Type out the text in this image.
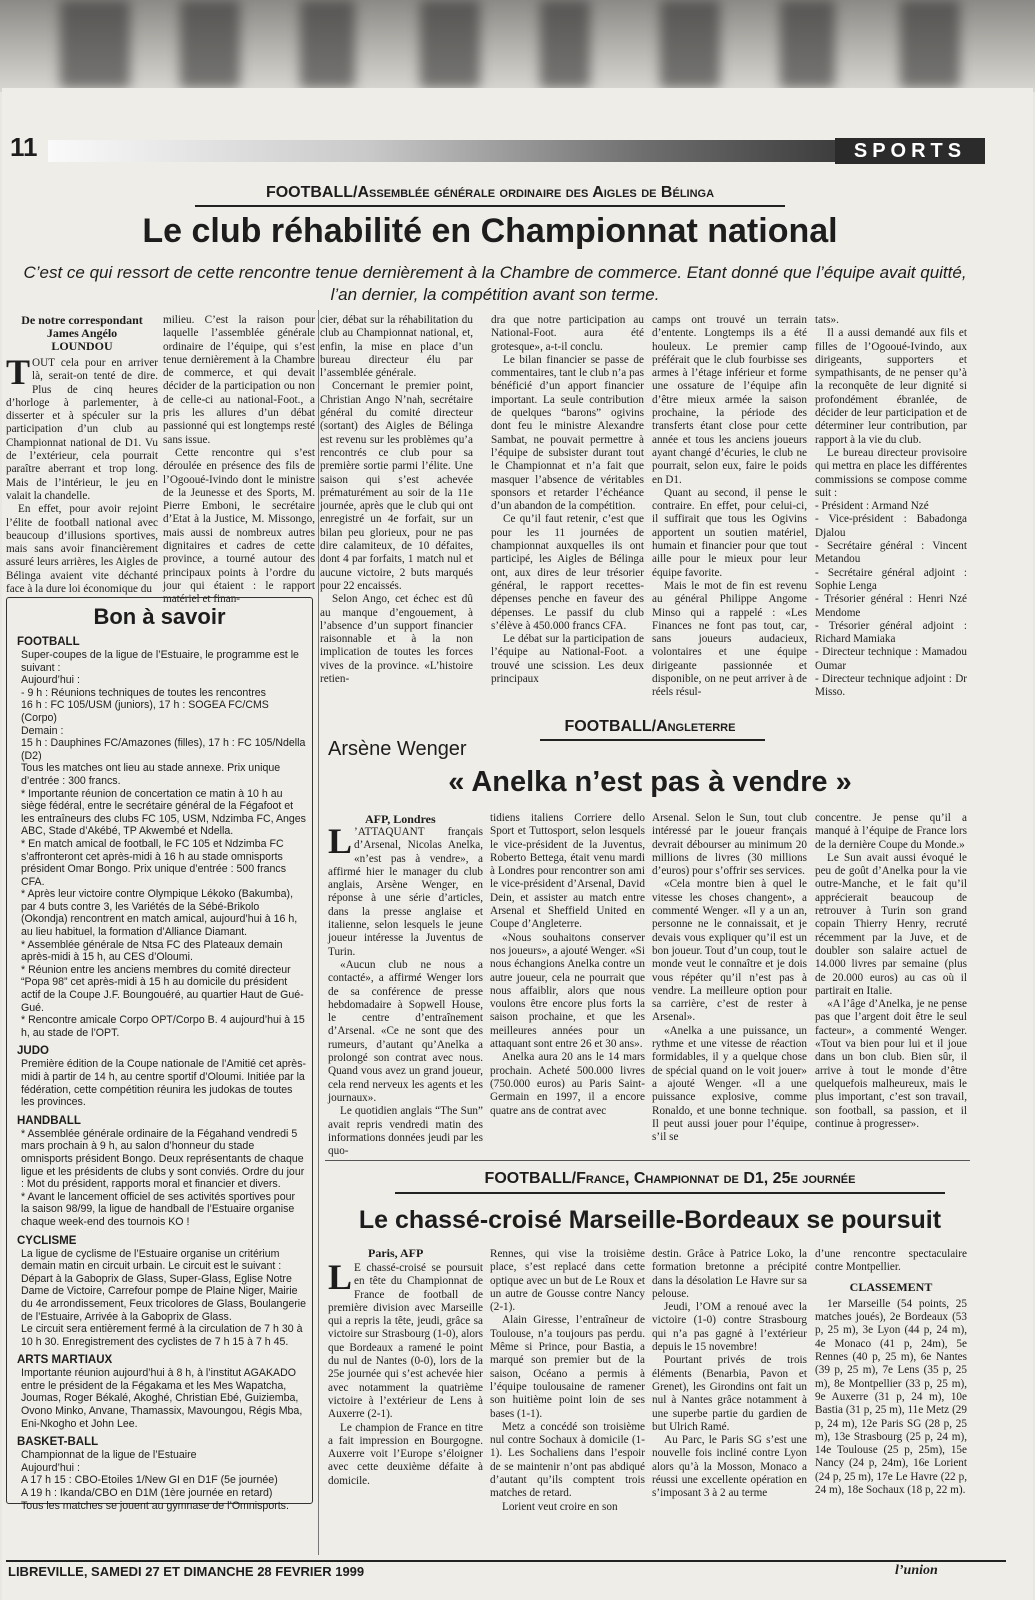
11	SPORTS
FOOTBALL/Assemblée générale ordinaire des Aigles de Bélinga
Le club réhabilité en Championnat national
C’est ce qui ressort de cette rencontre tenue dernièrement à la Chambre de commerce. Etant donné que l’équipe avait quitté, l’an dernier, la compétition avant son terme.
De notre correspondant
James Angélo
LOUNDOU

TOUT cela pour en arriver là, serait-on tenté de dire. Plus de cinq heures d’horloge à parlementer, à disserter et à spéculer sur la participation d’un club au Championnat national de D1. Vu de l’extérieur, cela pourrait paraître aberrant et trop long. Mais de l’intérieur, le jeu en valait la chandelle.

En effet, pour avoir rejoint l’élite de football national avec beaucoup d’illusions sportives, mais sans avoir financièrement assuré leurs arrières, les Aigles de Bélinga avaient vite déchanté face à la dure loi économique du

milieu. C’est la raison pour laquelle l’assemblée générale ordinaire de l’équipe, qui s’est tenue dernièrement à la Chambre de commerce, et qui devait décider de la participation ou non de celle-ci au national-Foot., a pris les allures d’un débat passionné qui est longtemps resté sans issue.

Cette rencontre qui s’est déroulée en présence des fils de l’Ogooué-Ivindo dont le ministre de la Jeunesse et des Sports, M. Pierre Emboni, le secrétaire d’Etat à la Justice, M. Missongo, mais aussi de nombreux autres dignitaires et cadres de cette province, a tourné autour des principaux points à l’ordre du jour qui étaient : le rapport matériel et finan-

cier, débat sur la réhabilitation du club au Championnat national, et, enfin, la mise en place d’un bureau directeur élu par l’assemblée générale.

Concernant le premier point, Christian Ango N’nah, secrétaire général du comité directeur (sortant) des Aigles de Bélinga est revenu sur les problèmes qu’a rencontrés ce club pour sa première sortie parmi l’élite. Une saison qui s’est achevée prématurément au soir de la 11e journée, après que le club qui ont enregistré un 4e forfait, sur un bilan peu glorieux, pour ne pas dire calamiteux, de 10 défaites, dont 4 par forfaits, 1 match nul et aucune victoire, 2 buts marqués pour 22 encaissés.

Selon Ango, cet échec est dû au manque d’engouement, à l’absence d’un support financier raisonnable et à la non implication de toutes les forces vives de la province. «L’histoire retien-

dra que notre participation au National-Foot. aura été grotesque», a-t-il conclu.

Le bilan financier se passe de commentaires, tant le club n’a pas bénéficié d’un apport financier important. La seule contribution de quelques “barons” ogivins dont feu le ministre Alexandre Sambat, ne pouvait permettre à l’équipe de subsister durant tout le Championnat et n’a fait que masquer l’absence de véritables sponsors et retarder l’échéance d’un abandon de la compétition.

Ce qu’il faut retenir, c’est que pour les 11 journées de championnat auxquelles ils ont participé, les Aigles de Bélinga ont, aux dires de leur trésorier général, le rapport recettes-dépenses penche en faveur des dépenses. Le passif du club s’élève à 450.000 francs CFA.

Le débat sur la participation de l’équipe au National-Foot. a trouvé une scission. Les deux principaux

camps ont trouvé un terrain d’entente. Longtemps ils a été houleux. Le premier camp préférait que le club fourbisse ses armes à l’étage inférieur et forme une ossature de l’équipe afin d’être mieux armée la saison prochaine, la période des transferts étant close pour cette année et tous les anciens joueurs ayant changé d’écuries, le club ne pourrait, selon eux, faire le poids en D1.

Quant au second, il pense le contraire. En effet, pour celui-ci, il suffirait que tous les Ogivins apportent un soutien matériel, humain et financier pour que tout aille pour le mieux pour leur équipe favorite.

Mais le mot de fin est revenu au général Philippe Angome Minso qui a rappelé : «Les Finances ne font pas tout, car, sans joueurs audacieux, volontaires et une équipe dirigeante passionnée et disponible, on ne peut arriver à de réels résul-

tats».

Il a aussi demandé aux fils et filles de l’Ogooué-Ivindo, aux dirigeants, supporters et sympathisants, de ne penser qu’à la reconquête de leur dignité si profondément ébranlée, de décider de leur participation et de déterminer leur contribution, par rapport à la vie du club.

Le bureau directeur provisoire qui mettra en place les différentes commissions se compose comme suit :

- Président : Armand Nzé

- Vice-président : Babadonga Djalou

- Secrétaire général : Vincent Metandou

- Secrétaire général adjoint : Sophie Lenga

- Trésorier général : Henri Nzé Mendome

- Trésorier général adjoint : Richard Mamiaka

- Directeur technique : Mamadou Oumar

- Directeur technique adjoint : Dr Misso.

Bon à savoir
FOOTBALL
Super-coupes de la ligue de l’Estuaire, le programme est le suivant :
Aujourd’hui :
- 9 h : Réunions techniques de toutes les rencontres
16 h : FC 105/USM (juniors), 17 h : SOGEA FC/CMS (Corpo)
Demain :
15 h : Dauphines FC/Amazones (filles), 17 h : FC 105/Ndella (D2)
Tous les matches ont lieu au stade annexe. Prix unique d’entrée : 300 francs.
* Importante réunion de concertation ce matin à 10 h au siège fédéral, entre le secrétaire général de la Fégafoot et les entraîneurs des clubs FC 105, USM, Ndzimba FC, Anges ABC, Stade d’Akébé, TP Akwembé et Ndella.
* En match amical de football, le FC 105 et Ndzimba FC s’affronteront cet après-midi à 16 h au stade omnisports président Omar Bongo. Prix unique d’entrée : 500 francs CFA.
* Après leur victoire contre Olympique Lékoko (Bakumba), par 4 buts contre 3, les Variétés de la Sébé-Brikolo (Okondja) rencontrent en match amical, aujourd’hui à 16 h, au lieu habituel, la formation d’Alliance Diamant.
* Assemblée générale de Ntsa FC des Plateaux demain après-midi à 15 h, au CES d’Oloumi.
* Réunion entre les anciens membres du comité directeur “Popa 98” cet après-midi à 15 h au domicile du président actif de la Coupe J.F. Boungouéré, au quartier Haut de Gué-Gué.
* Rencontre amicale Corpo OPT/Corpo B. 4 aujourd’hui à 15 h, au stade de l’OPT.
JUDO
Première édition de la Coupe nationale de l’Amitié cet après-midi à partir de 14 h, au centre sportif d’Oloumi. Initiée par la fédération, cette compétition réunira les judokas de toutes les provinces.
HANDBALL
* Assemblée générale ordinaire de la Fégahand vendredi 5 mars prochain à 9 h, au salon d’honneur du stade omnisports président Bongo. Deux représentants de chaque ligue et les présidents de clubs y sont conviés. Ordre du jour : Mot du président, rapports moral et financier et divers.
* Avant le lancement officiel de ses activités sportives pour la saison 98/99, la ligue de handball de l’Estuaire organise chaque week-end des tournois KO !
CYCLISME
La ligue de cyclisme de l’Estuaire organise un critérium demain matin en circuit urbain. Le circuit est le suivant :
Départ à la Gaboprix de Glass, Super-Glass, Eglise Notre Dame de Victoire, Carrefour pompe de Plaine Niger, Mairie du 4e arrondissement, Feux tricolores de Glass, Boulangerie de l’Estuaire, Arrivée à la Gaboprix de Glass.
Le circuit sera entièrement fermé à la circulation de 7 h 30 à 10 h 30. Enregistrement des cyclistes de 7 h 15 à 7 h 45.
ARTS MARTIAUX
Importante réunion aujourd’hui à 8 h, à l’institut AGAKADO entre le président de la Fégakama et les Mes Wapatcha, Joumas, Roger Békalé, Akoghé, Christian Ebé, Guiziemba, Ovono Minko, Anvane, Thamassix, Mavoungou, Régis Mba, Eni-Nkogho et John Lee.
BASKET-BALL
Championnat de la ligue de l’Estuaire
Aujourd’hui :
A 17 h 15 : CBO-Etoiles 1/New GI en D1F (5e journée)
A 19 h : Ikanda/CBO en D1M (1ère journée en retard)
Tous les matches se jouent au gymnase de l’Omnisports.
FOOTBALL/Angleterre
Arsène Wenger
« Anelka n’est pas à vendre »
AFP, Londres

L ’ATTAQUANT français d’Arsenal, Nicolas Anelka, «n’est pas à vendre», a affirmé hier le manager du club anglais, Arsène Wenger, en réponse à une série d’articles, dans la presse anglaise et italienne, selon lesquels le jeune joueur intéresse la Juventus de Turin.

«Aucun club ne nous a contacté», a affirmé Wenger lors de sa conférence de presse hebdomadaire à Sopwell House, le centre d’entraînement d’Arsenal. «Ce ne sont que des rumeurs, d’autant qu’Anelka a prolongé son contrat avec nous. Quand vous avez un grand joueur, cela rend nerveux les agents et les journaux».

Le quotidien anglais “The Sun” avait repris vendredi matin des informations données jeudi par les quo-

tidiens italiens Corriere dello Sport et Tuttosport, selon lesquels le vice-président de la Juventus, Roberto Bettega, était venu mardi à Londres pour rencontrer son ami le vice-président d’Arsenal, David Dein, et assister au match entre Arsenal et Sheffield United en Coupe d’Angleterre.

«Nous souhaitons conserver nos joueurs», a ajouté Wenger. «Si nous échangions Anelka contre un autre joueur, cela ne pourrait que nous affaiblir, alors que nous voulons être encore plus forts la saison prochaine, et que les meilleures années pour un attaquant sont entre 26 et 30 ans».

Anelka aura 20 ans le 14 mars prochain. Acheté 500.000 livres (750.000 euros) au Paris Saint-Germain en 1997, il a encore quatre ans de contrat avec

Arsenal. Selon le Sun, tout club intéressé par le joueur français devrait débourser au minimum 20 millions de livres (30 millions d’euros) pour s’offrir ses services.

«Cela montre bien à quel le vitesse les choses changent», a commenté Wenger. «Il y a un an, personne ne le connaissait, et je devais vous expliquer qu’il est un bon joueur. Tout d’un coup, tout le monde veut le connaître et je dois vous répéter qu’il n’est pas à vendre. La meilleure option pour sa carrière, c’est de rester à Arsenal».

«Anelka a une puissance, un rythme et une vitesse de réaction formidables, il y a quelque chose de spécial quand on le voit jouer» a ajouté Wenger. «Il a une puissance explosive, comme Ronaldo, et une bonne technique. Il peut aussi jouer pour l’équipe, s’il se

concentre. Je pense qu’il a manqué à l’équipe de France lors de la dernière Coupe du Monde.»

Le Sun avait aussi évoqué le peu de goût d’Anelka pour la vie outre-Manche, et le fait qu’il apprécierait beaucoup de retrouver à Turin son grand copain Thierry Henry, recruté récemment par la Juve, et de doubler son salaire actuel de 14.000 livres par semaine (plus de 20.000 euros) au cas où il partirait en Italie.

«A l’âge d’Anelka, je ne pense pas que l’argent doit être le seul facteur», a commenté Wenger. «Tout va bien pour lui et il joue dans un bon club. Bien sûr, il arrive à tout le monde d’être quelquefois malheureux, mais le plus important, c’est son travail, son football, sa passion, et il continue à progresser».

FOOTBALL/France, Championnat de D1, 25e journée
Le chassé-croisé Marseille-Bordeaux se poursuit
Paris, AFP

L E chassé-croisé se poursuit en tête du Championnat de France de football de première division avec Marseille qui a repris la tête, jeudi, grâce sa victoire sur Strasbourg (1-0), alors que Bordeaux a ramené le point du nul de Nantes (0-0), lors de la 25e journée qui s’est achevée hier avec notamment la quatrième victoire à l’extérieur de Lens à Auxerre (2-1).

Le champion de France en titre a fait impression en Bourgogne. Auxerre voit l’Europe s’éloigner avec cette deuxième défaite à domicile.

Rennes, qui vise la troisième place, s’est replacé dans cette optique avec un but de Le Roux et un autre de Gousse contre Nancy (2-1).

Alain Giresse, l’entraîneur de Toulouse, n’a toujours pas perdu. Même si Prince, pour Bastia, a marqué son premier but de la saison, Océano a permis à l’équipe toulousaine de ramener son huitième point loin de ses bases (1-1).

Metz a concédé son troisième nul contre Sochaux à domicile (1-1). Les Sochaliens dans l’espoir de se maintenir n’ont pas abdiqué d’autant qu’ils comptent trois matches de retard.

Lorient veut croire en son

destin. Grâce à Patrice Loko, la formation bretonne a précipité dans la désolation Le Havre sur sa pelouse.

Jeudi, l’OM a renoué avec la victoire (1-0) contre Strasbourg qui n’a pas gagné à l’extérieur depuis le 15 novembre!

Pourtant privés de trois éléments (Benarbia, Pavon et Grenet), les Girondins ont fait un nul à Nantes grâce notamment à une superbe partie du gardien de but Ulrich Ramé.

Au Parc, le Paris SG s’est une nouvelle fois incliné contre Lyon alors qu’à la Mosson, Monaco a réussi une excellente opération en s’imposant 3 à 2 au terme

d’une rencontre spectaculaire contre Montpellier.

CLASSEMENT

1er Marseille (54 points, 25 matches joués), 2e Bordeaux (53 p, 25 m), 3e Lyon (44 p, 24 m), 4e Monaco (41 p, 24m), 5e Rennes (40 p, 25 m), 6e Nantes (39 p, 25 m), 7e Lens (35 p, 25 m), 8e Montpellier (33 p, 25 m), 9e Auxerre (31 p, 24 m), 10e Bastia (31 p, 25 m), 11e Metz (29 p, 24 m), 12e Paris SG (28 p, 25 m), 13e Strasbourg (25 p, 24 m), 14e Toulouse (25 p, 25m), 15e Nancy (24 p, 24m), 16e Lorient (24 p, 25 m), 17e Le Havre (22 p, 24 m), 18e Sochaux (18 p, 22 m).

LIBREVILLE, SAMEDI 27 ET DIMANCHE 28 FEVRIER 1999	l’union
